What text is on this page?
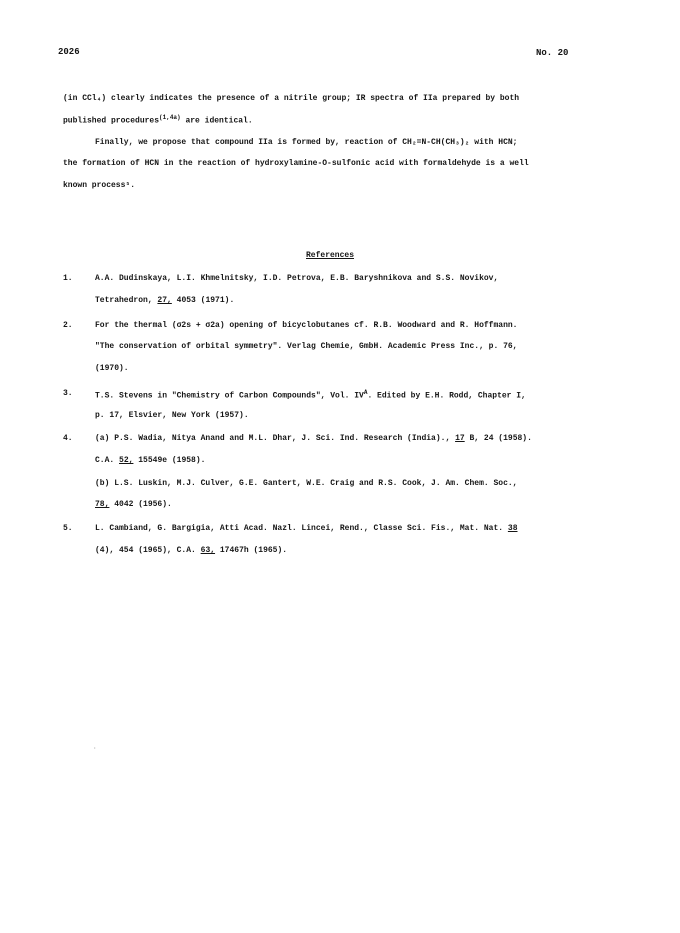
2026	No. 20
(in CCl₄) clearly indicates the presence of a nitrile group; IR spectra of IIa prepared by both
published procedures$^{(1,4a)}$ are identical.
Finally, we propose that compound IIa is formed by, reaction of CH₂=N-CH(CH₃)₂ with HCN;
the formation of HCN in the reaction of hydroxylamine-O-sulfonic acid with formaldehyde is a well
known process⁵.
References
1.	A.A. Dudinskaya, L.I. Khmelnitsky, I.D. Petrova, E.B. Baryshnikova and S.S. Novikov,
Tetrahedron, 27, 4053 (1971).
2.	For the thermal (σ2s + σ2a) opening of bicyclobutanes cf. R.B. Woodward and R. Hoffmann.
"The conservation of orbital symmetry". Verlag Chemie, GmbH. Academic Press Inc., p. 76,
(1970).
3.	T.S. Stevens in "Chemistry of Carbon Compounds", Vol. $IV^A$. Edited by E.H. Rodd, Chapter I,
p. 17, Elsvier, New York (1957).
4.	(a) P.S. Wadia, Nitya Anand and M.L. Dhar, J. Sci. Ind. Research (India)., 17 B, 24 (1958).
C.A. 52, 15549e (1958).
(b) L.S. Luskin, M.J. Culver, G.E. Gantert, W.E. Craig and R.S. Cook, J. Am. Chem. Soc.,
78, 4042 (1956).
5.	L. Cambiand, G. Bargigia, Atti Acad. Nazl. Lincei, Rend., Classe Sci. Fis., Mat. Nat. 38
(4), 454 (1965), C.A. 63, 17467h (1965).
·
